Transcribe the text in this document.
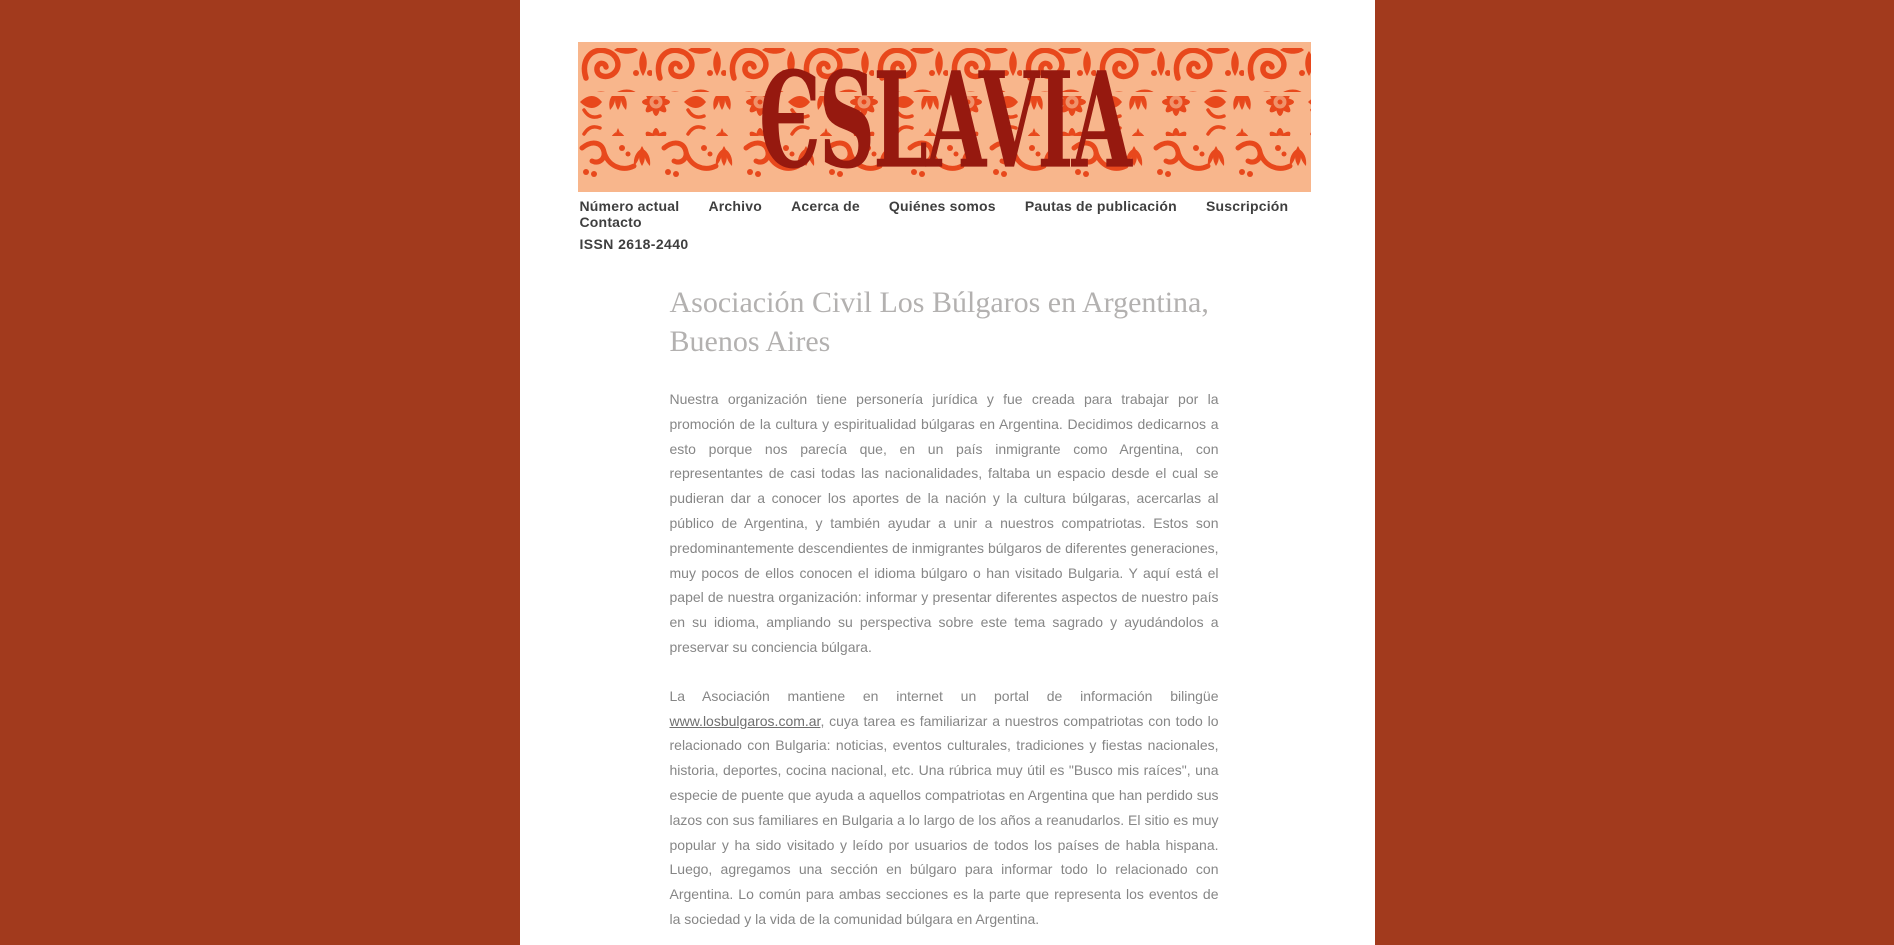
ЄSLAVIA
Número actual Archivo Acerca de Quiénes somos Pautas de publicación Suscripción Contacto
ISSN 2618-2440
Asociación Civil Los Búlgaros en Argentina, Buenos Aires

Nuestra organización tiene personería jurídica y fue creada para trabajar por la promoción de la cultura y espiritualidad búlgaras en Argentina. Decidimos dedicarnos a esto porque nos parecía que, en un país inmigrante como Argentina, con representantes de casi todas las nacionalidades, faltaba un espacio desde el cual se pudieran dar a conocer los aportes de la nación y la cultura búlgaras, acercarlas al público de Argentina, y también ayudar a unir a nuestros compatriotas. Estos son predominantemente descendientes de inmigrantes búlgaros de diferentes generaciones, muy pocos de ellos conocen el idioma búlgaro o han visitado Bulgaria. Y aquí está el papel de nuestra organización: informar y presentar diferentes aspectos de nuestro país en su idioma, ampliando su perspectiva sobre este tema sagrado y ayudándolos a preservar su conciencia búlgara.

La Asociación mantiene en internet un portal de información bilingüe www.losbulgaros.com.ar, cuya tarea es familiarizar a nuestros compatriotas con todo lo relacionado con Bulgaria: noticias, eventos culturales, tradiciones y fiestas nacionales, historia, deportes, cocina nacional, etc. Una rúbrica muy útil es "Busco mis raíces", una especie de puente que ayuda a aquellos compatriotas en Argentina que han perdido sus lazos con sus familiares en Bulgaria a lo largo de los años a reanudarlos. El sitio es muy popular y ha sido visitado y leído por usuarios de todos los países de habla hispana. Luego, agregamos una sección en búlgaro para informar todo lo relacionado con Argentina. Lo común para ambas secciones es la parte que representa los eventos de la sociedad y la vida de la comunidad búlgara en Argentina.
